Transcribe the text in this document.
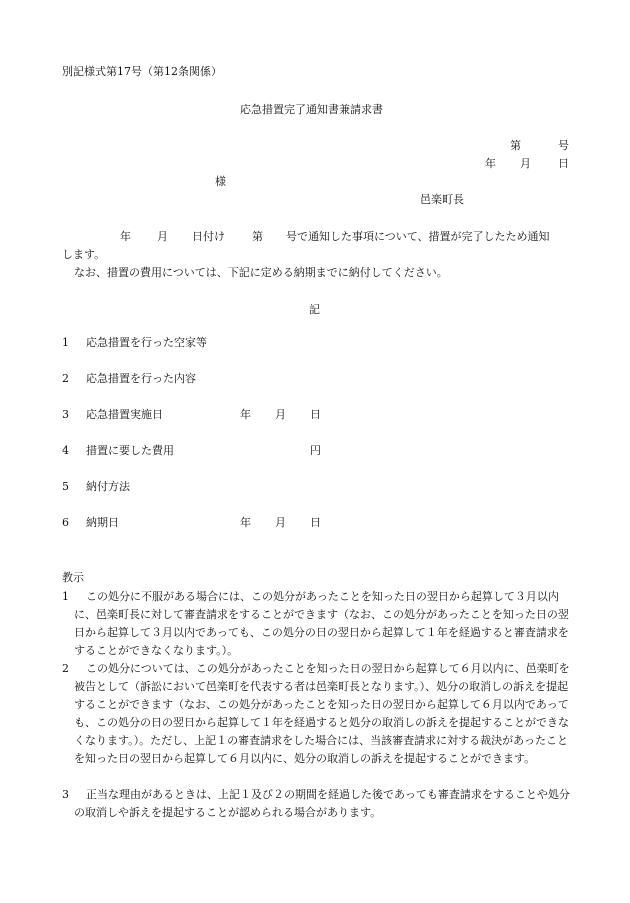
別記様式第17号（第12条関係）
応急措置完了通知書兼請求書
第	号
年 月 日
様
邑楽町長
年 月 日付け 第 号で通知した事項について、措置が完了したため通知
します。
なお、措置の費用については、下記に定める納期までに納付してください。
記
1 応急措置を行った空家等
2 応急措置を行った内容
3 応急措置実施日	年 月 日
4 措置に要した費用	円
5 納付方法
6 納期日	年 月 日
教示
1	この処分に不服がある場合には、この処分があったことを知った日の翌日から起算して３月以内に、邑楽町長に対して審査請求をすることができます（なお、この処分があったことを知った日の翌日から起算して３月以内であっても、この処分の日の翌日から起算して１年を経過すると審査請求をすることができなくなります。）。
2	この処分については、この処分があったことを知った日の翌日から起算して６月以内に、邑楽町を被告として（訴訟において邑楽町を代表する者は邑楽町長となります。）、処分の取消しの訴えを提起することができます（なお、この処分があったことを知った日の翌日から起算して６月以内であっても、この処分の日の翌日から起算して１年を経過すると処分の取消しの訴えを提起することができなくなります。）。ただし、上記１の審査請求をした場合には、当該審査請求に対する裁決があったことを知った日の翌日から起算して６月以内に、処分の取消しの訴えを提起することができます。
3	正当な理由があるときは、上記１及び２の期間を経過した後であっても審査請求をすることや処分の取消しや訴えを提起することが認められる場合があります。
